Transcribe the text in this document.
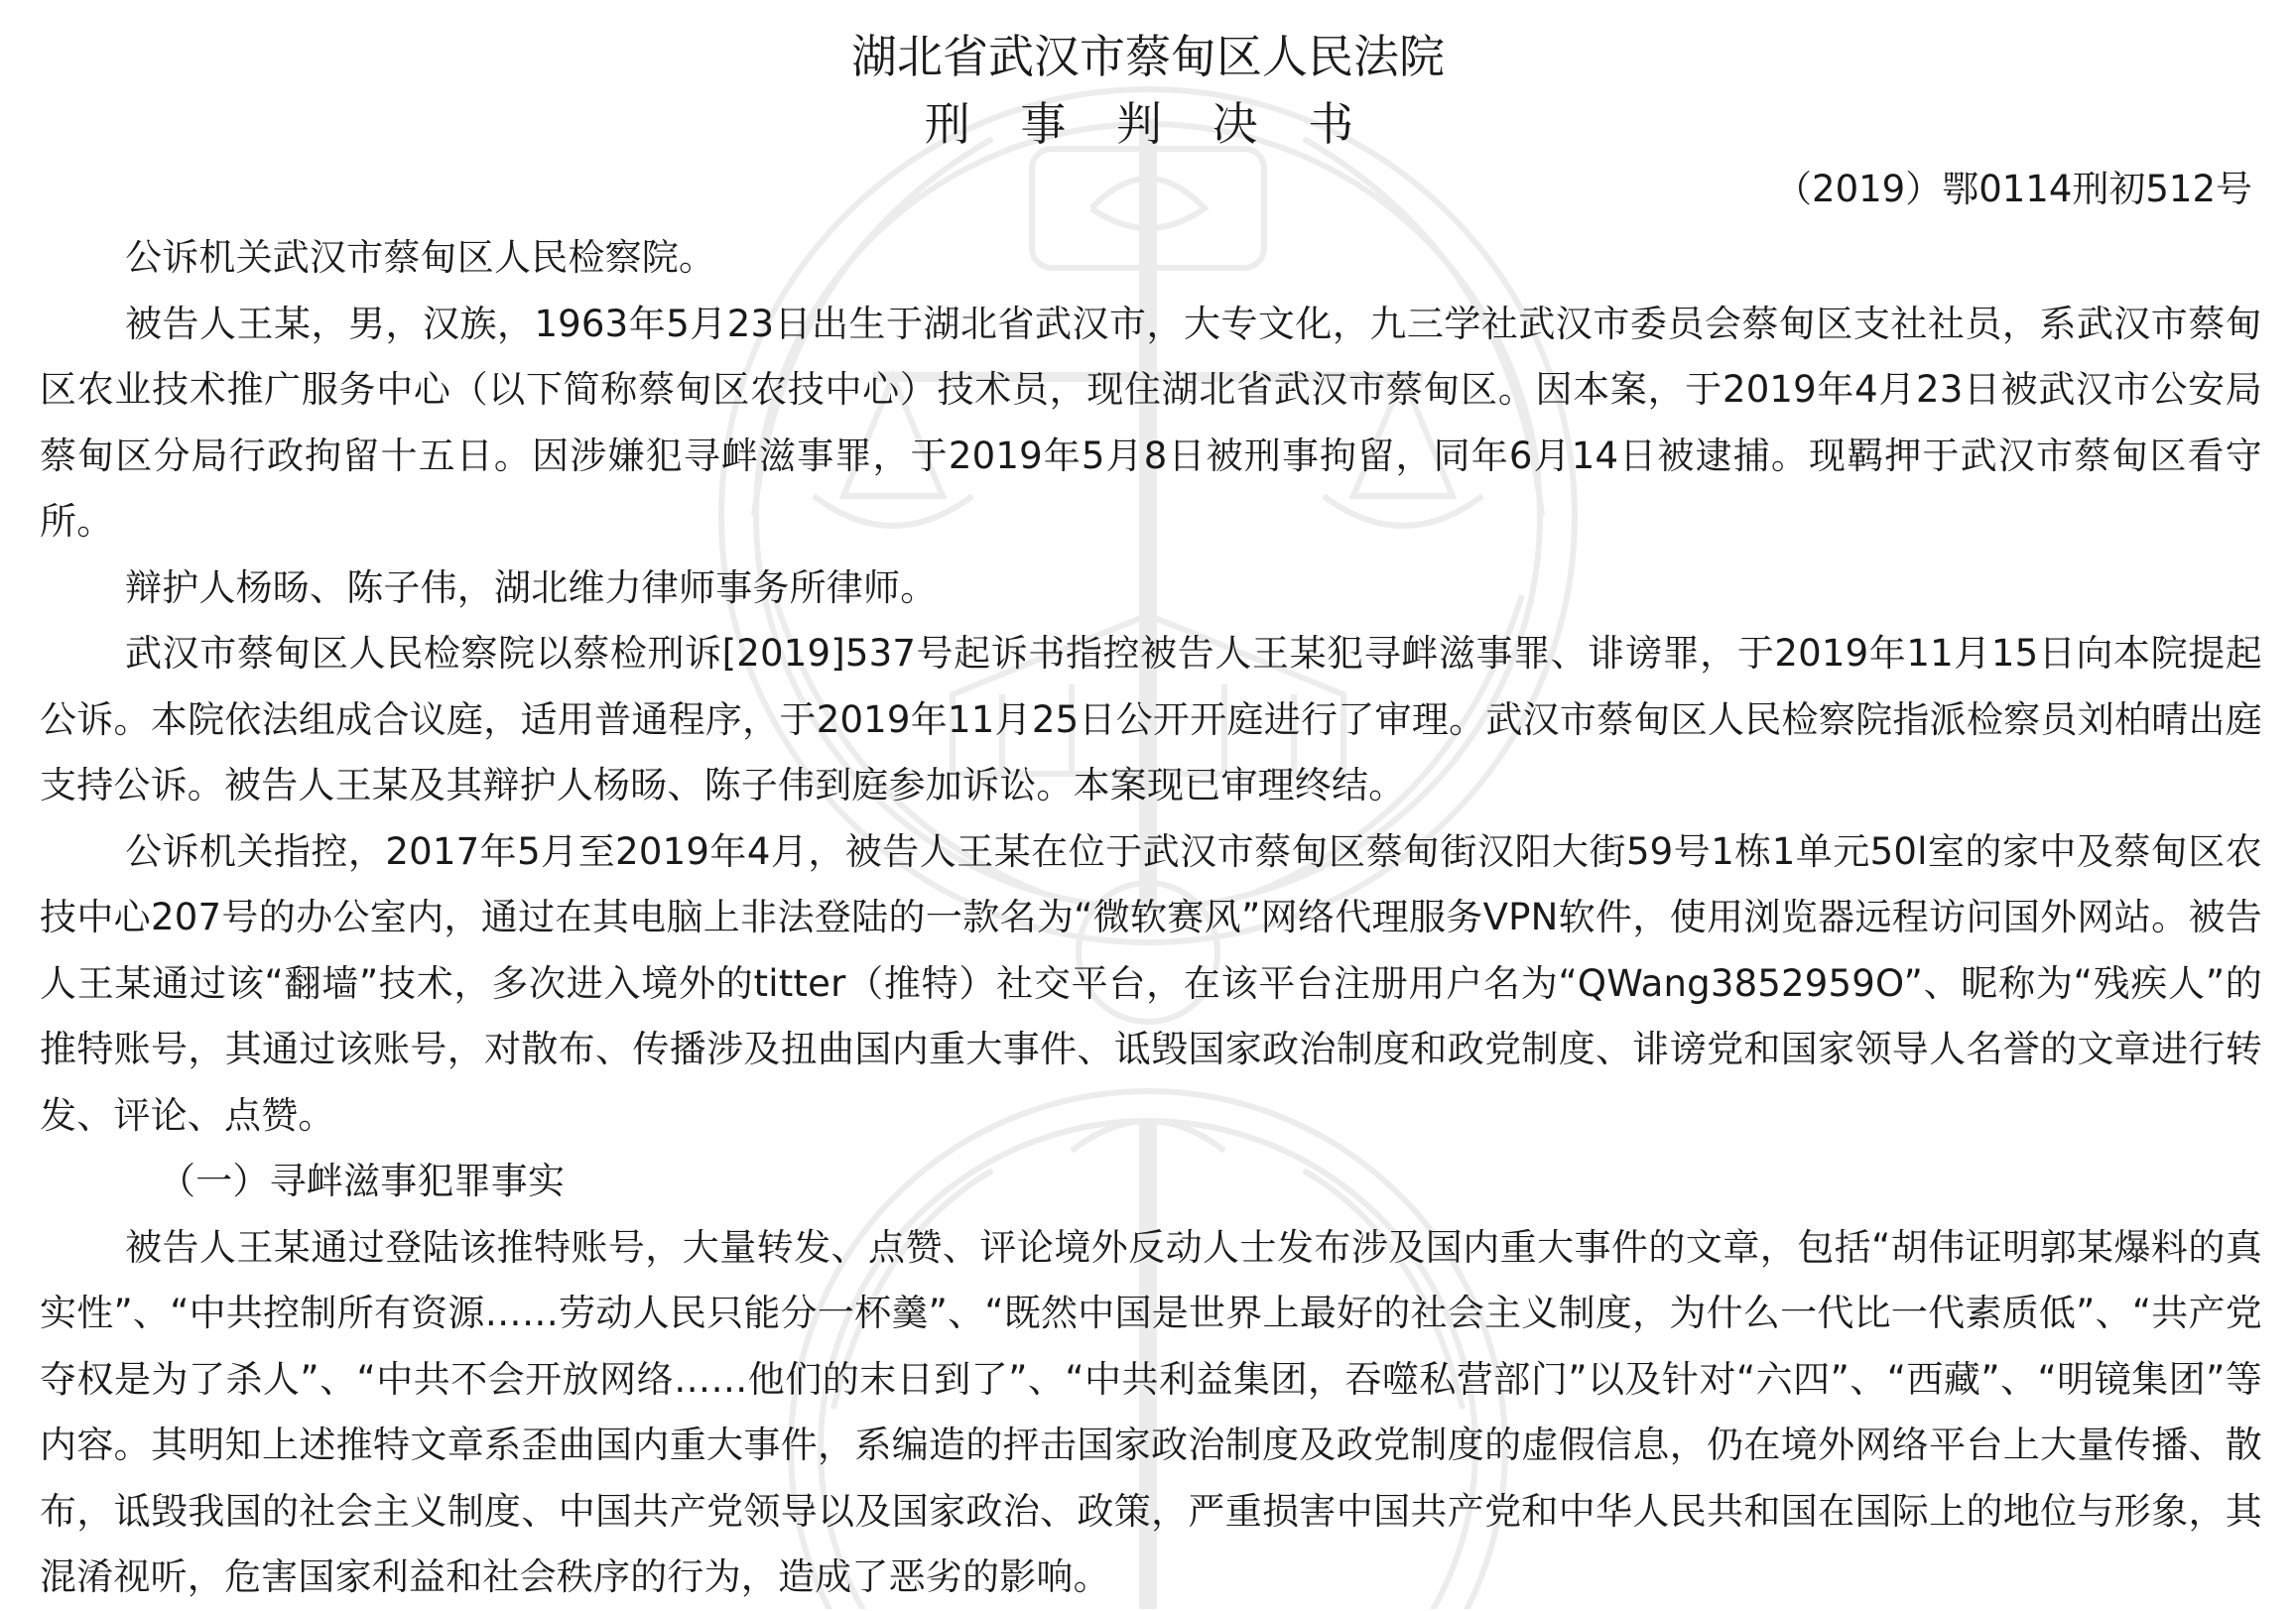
湖北省武汉市蔡甸区人民法院
刑 事 判 决 书
（2019）鄂0114刑初512号

公诉机关武汉市蔡甸区人民检察院。

被告人王某，男，汉族，1963年5月23日出生于湖北省武汉市，大专文化，九三学社武汉市委员会蔡甸区支社社员，系武汉市蔡甸区农业技术推广服务中心（以下简称蔡甸区农技中心）技术员，现住湖北省武汉市蔡甸区。因本案，于2019年4月23日被武汉市公安局蔡甸区分局行政拘留十五日。因涉嫌犯寻衅滋事罪，于2019年5月8日被刑事拘留，同年6月14日被逮捕。现羁押于武汉市蔡甸区看守所。

辩护人杨旸、陈子伟，湖北维力律师事务所律师。

武汉市蔡甸区人民检察院以蔡检刑诉[2019]537号起诉书指控被告人王某犯寻衅滋事罪、诽谤罪，于2019年11月15日向本院提起公诉。本院依法组成合议庭，适用普通程序，于2019年11月25日公开开庭进行了审理。武汉市蔡甸区人民检察院指派检察员刘柏晴出庭支持公诉。被告人王某及其辩护人杨旸、陈子伟到庭参加诉讼。本案现已审理终结。

公诉机关指控，2017年5月至2019年4月，被告人王某在位于武汉市蔡甸区蔡甸街汉阳大街59号1栋1单元50l室的家中及蔡甸区农技中心207号的办公室内，通过在其电脑上非法登陆的一款名为“微软赛风”网络代理服务VPN软件，使用浏览器远程访问国外网站。被告人王某通过该“翻墙”技术，多次进入境外的titter（推特）社交平台，在该平台注册用户名为“QWang3852959O”、昵称为“残疾人”的推特账号，其通过该账号，对散布、传播涉及扭曲国内重大事件、诋毁国家政治制度和政党制度、诽谤党和国家领导人名誉的文章进行转发、评论、点赞。

（一）寻衅滋事犯罪事实

被告人王某通过登陆该推特账号，大量转发、点赞、评论境外反动人士发布涉及国内重大事件的文章，包括“胡伟证明郭某爆料的真实性”、“中共控制所有资源……劳动人民只能分一杯羹”、“既然中国是世界上最好的社会主义制度，为什么一代比一代素质低”、“共产党夺权是为了杀人”、“中共不会开放网络……他们的末日到了”、“中共利益集团，吞噬私营部门”以及针对“六四”、“西藏”、“明镜集团”等内容。其明知上述推特文章系歪曲国内重大事件，系编造的抨击国家政治制度及政党制度的虚假信息，仍在境外网络平台上大量传播、散布，诋毁我国的社会主义制度、中国共产党领导以及国家政治、政策，严重损害中国共产党和中华人民共和国在国际上的地位与形象，其混淆视听，危害国家利益和社会秩序的行为，造成了恶劣的影响。
